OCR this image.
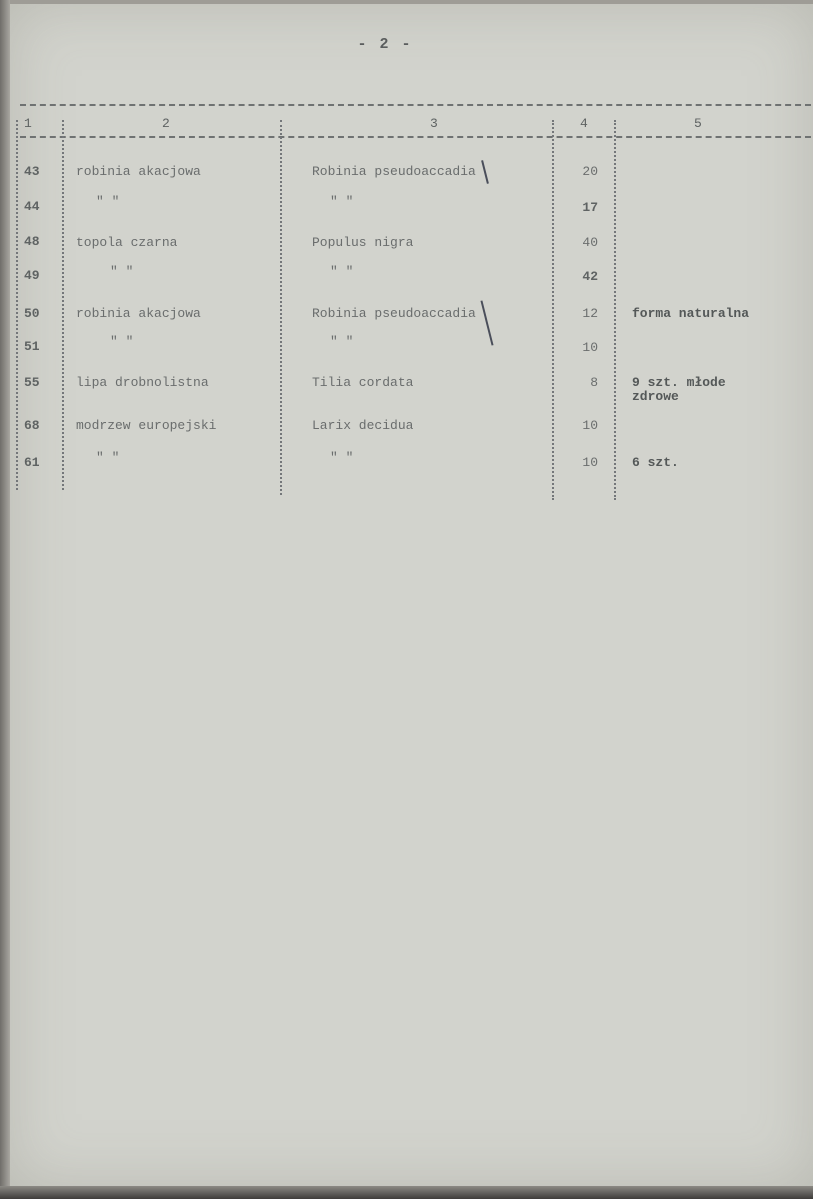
- 2 -
1	2	3	4	5
43	robinia akacjowa	Robinia pseudoaccadia	20
44	" "	" "	17
48	topola czarna	Populus nigra	40
49	" "	" "	42
50	robinia akacjowa	Robinia pseudoaccadia	12	forma naturalna
51	" "	" "	10
55	lipa drobnolistna	Tilia cordata	8	9 szt. młode zdrowe
68	modrzew europejski	Larix decidua	10
61	" "	" "	10	6 szt.
